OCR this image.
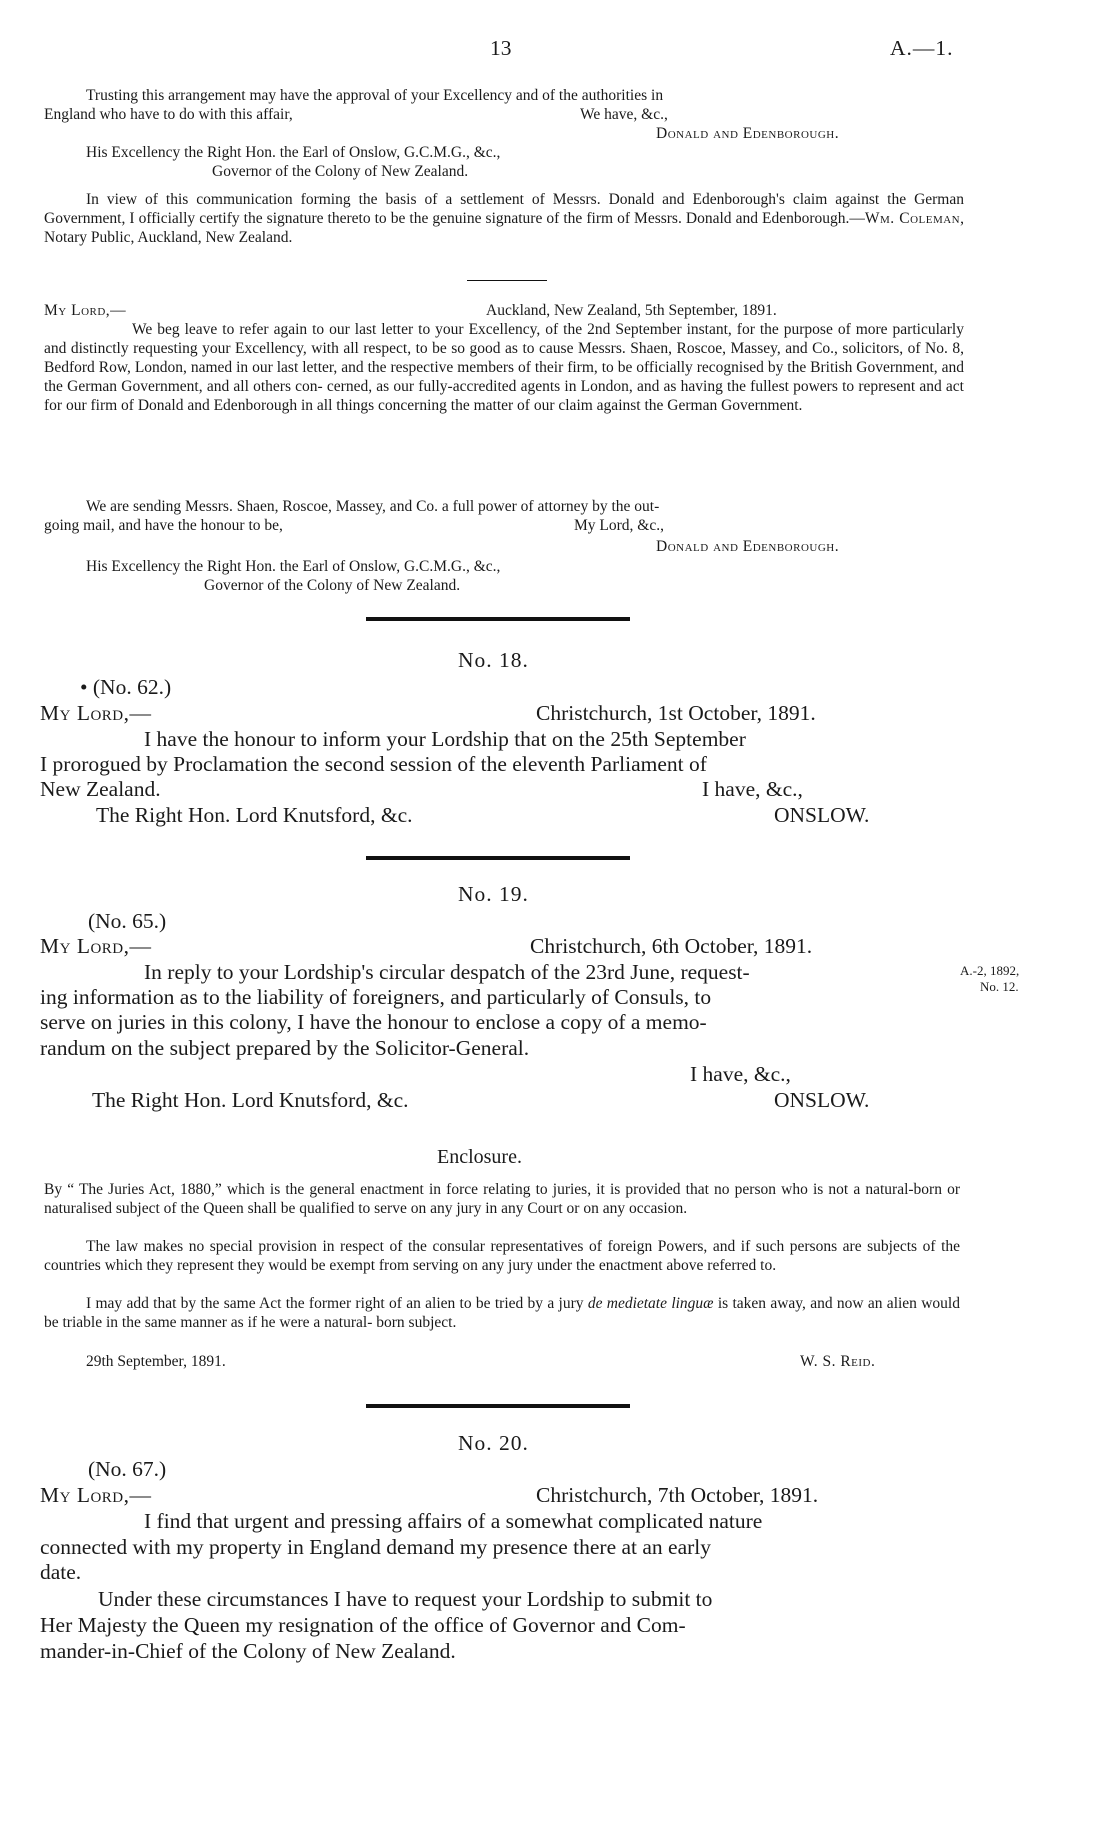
13	A.—1.
Trusting this arrangement may have the approval of your Excellency and of the authorities in
England who have to do with this affair,	We have, &c.,
Donald and Edenborough.
His Excellency the Right Hon. the Earl of Onslow, G.C.M.G., &c.,
Governor of the Colony of New Zealand.
In view of this communication forming the basis of a settlement of Messrs. Donald and Edenborough's claim against the German Government, I officially certify the signature thereto to be the genuine signature of the firm of Messrs. Donald and Edenborough.—Wm. Coleman, Notary Public, Auckland, New Zealand.
My Lord,—	Auckland, New Zealand, 5th September, 1891.
We beg leave to refer again to our last letter to your Excellency, of the 2nd September instant, for the purpose of more particularly and distinctly requesting your Excellency, with all respect, to be so good as to cause Messrs. Shaen, Roscoe, Massey, and Co., solicitors, of No. 8, Bedford Row, London, named in our last letter, and the respective members of their firm, to be officially recognised by the British Government, and the German Government, and all others con- cerned, as our fully-accredited agents in London, and as having the fullest powers to represent and act for our firm of Donald and Edenborough in all things concerning the matter of our claim against the German Government.
We are sending Messrs. Shaen, Roscoe, Massey, and Co. a full power of attorney by the out-
going mail, and have the honour to be,	My Lord, &c.,
Donald and Edenborough.
His Excellency the Right Hon. the Earl of Onslow, G.C.M.G., &c.,
Governor of the Colony of New Zealand.
No. 18.
• (No. 62.)
My Lord,—	Christchurch, 1st October, 1891.
I have the honour to inform your Lordship that on the 25th September
I prorogued by Proclamation the second session of the eleventh Parliament of
New Zealand.	I have, &c.,
The Right Hon. Lord Knutsford, &c.	ONSLOW.
No. 19.
(No. 65.)
My Lord,—	Christchurch, 6th October, 1891.
In reply to your Lordship's circular despatch of the 23rd June, request-
ing information as to the liability of foreigners, and particularly of Consuls, to
serve on juries in this colony, I have the honour to enclose a copy of a memo-
randum on the subject prepared by the Solicitor-General.
I have, &c.,
The Right Hon. Lord Knutsford, &c.	ONSLOW.
A.-2, 1892,
No. 12.
Enclosure.
By “ The Juries Act, 1880,” which is the general enactment in force relating to juries, it is provided that no person who is not a natural-born or naturalised subject of the Queen shall be qualified to serve on any jury in any Court or on any occasion.
The law makes no special provision in respect of the consular representatives of foreign Powers, and if such persons are subjects of the countries which they represent they would be exempt from serving on any jury under the enactment above referred to.
I may add that by the same Act the former right of an alien to be tried by a jury de medietate linguæ is taken away, and now an alien would be triable in the same manner as if he were a natural- born subject.
29th September, 1891.	W. S. Reid.
No. 20.
(No. 67.)
My Lord,—	Christchurch, 7th October, 1891.
I find that urgent and pressing affairs of a somewhat complicated nature
connected with my property in England demand my presence there at an early
date.
Under these circumstances I have to request your Lordship to submit to
Her Majesty the Queen my resignation of the office of Governor and Com-
mander-in-Chief of the Colony of New Zealand.
